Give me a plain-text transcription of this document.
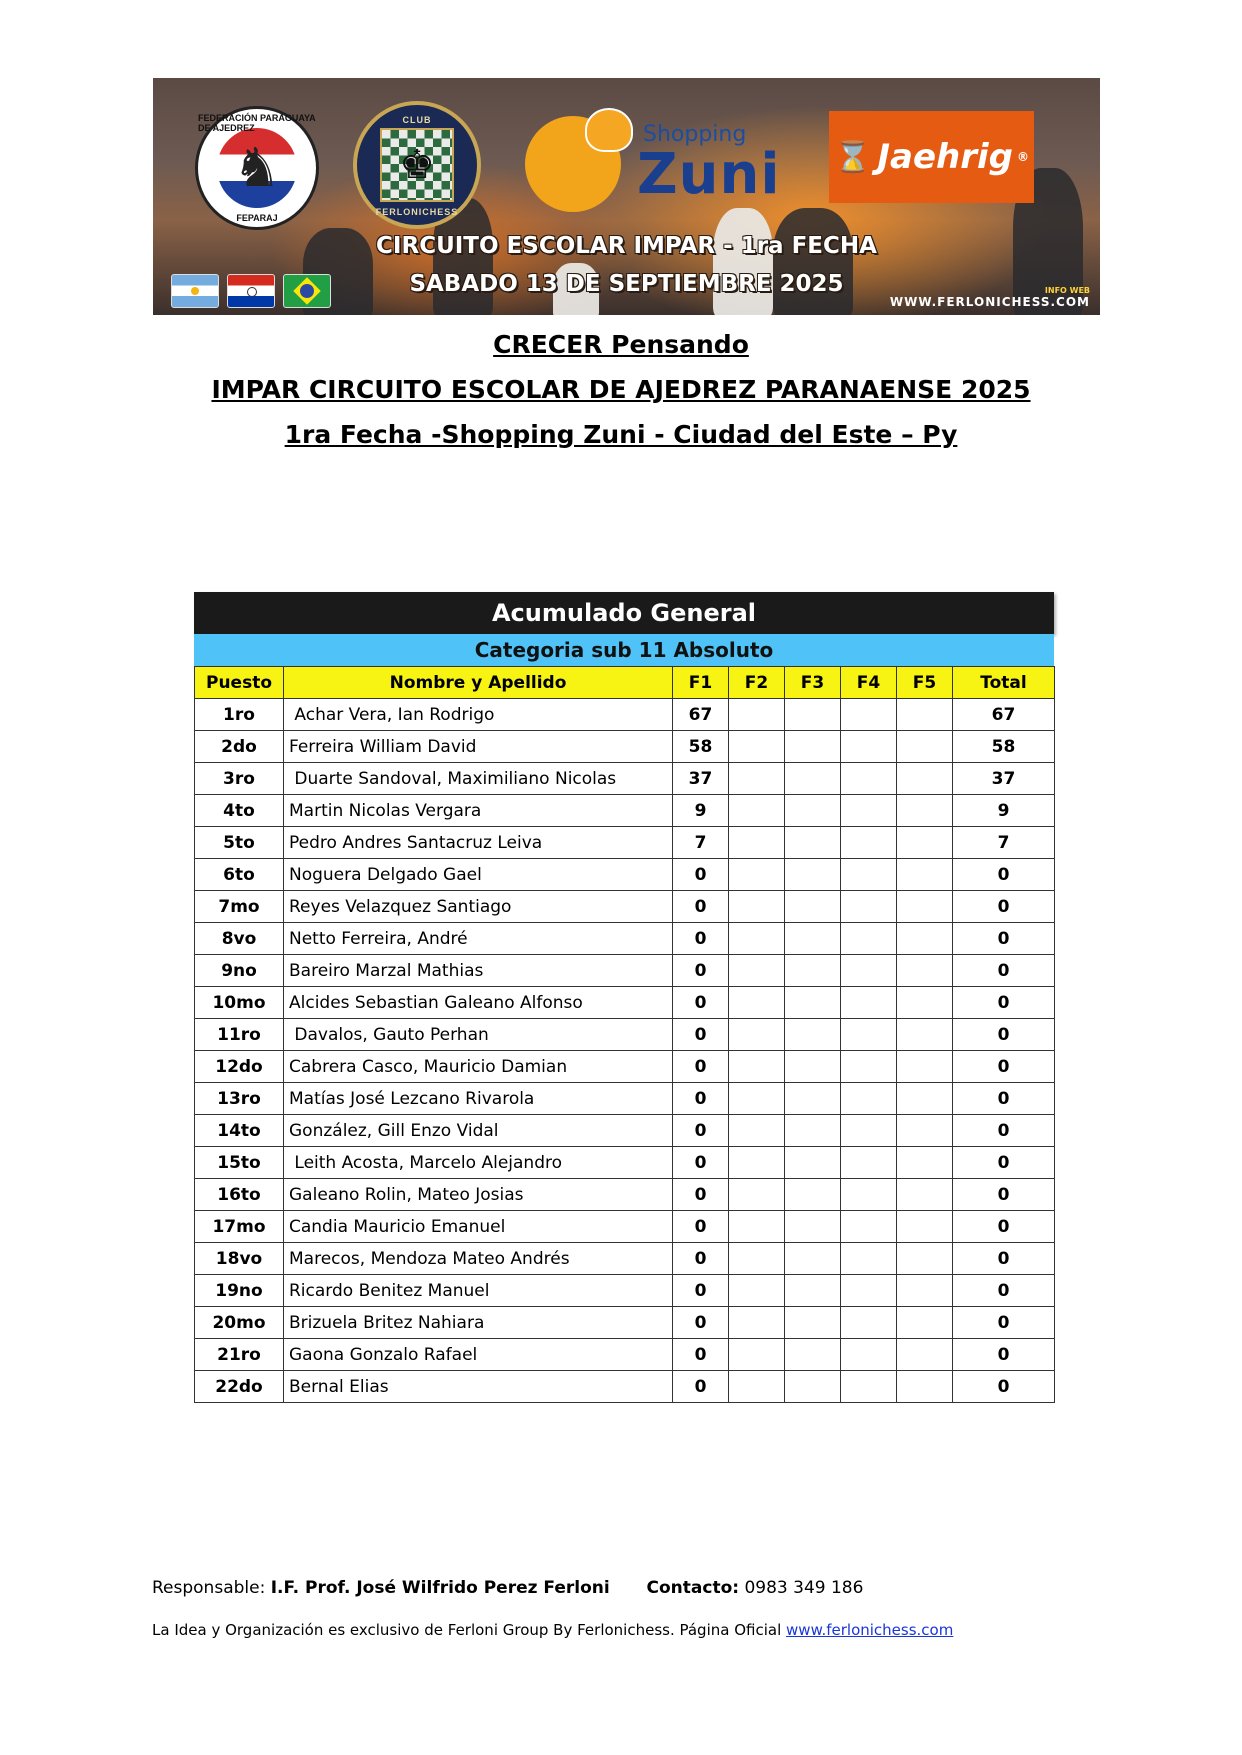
♞
FEDERACIÓN PARAGUAYA DE AJEDREZ
FEPARAJ
CLUB
♚
FERLONICHESS
Shopping
Zuni ⌛ Jaehrig ®
CIRCUITO ESCOLAR IMPAR - 1ra FECHA
SABADO 13 DE SEPTIEMBRE 2025	INFO WEB
WWW.FERLONICHESS.COM
CRECER Pensando
IMPAR CIRCUITO ESCOLAR DE AJEDREZ PARANAENSE 2025
1ra Fecha -Shopping Zuni - Ciudad del Este – Py
Acumulado General
Categoria sub 11 Absoluto
Puesto	Nombre y Apellido	F1	F2	F3	F4	F5	Total
1ro	Achar Vera, Ian Rodrigo	67					67
2do	Ferreira William David	58					58
3ro	Duarte Sandoval, Maximiliano Nicolas	37					37
4to	Martin Nicolas Vergara	9					9
5to	Pedro Andres Santacruz Leiva	7					7
6to	Noguera Delgado Gael	0					0
7mo	Reyes Velazquez Santiago	0					0
8vo	Netto Ferreira, André	0					0
9no	Bareiro Marzal Mathias	0					0
10mo	Alcides Sebastian Galeano Alfonso	0					0
11ro	Davalos, Gauto Perhan	0					0
12do	Cabrera Casco, Mauricio Damian	0					0
13ro	Matías José Lezcano Rivarola	0					0
14to	González, Gill Enzo Vidal	0					0
15to	Leith Acosta, Marcelo Alejandro	0					0
16to	Galeano Rolin, Mateo Josias	0					0
17mo	Candia Mauricio Emanuel	0					0
18vo	Marecos, Mendoza Mateo Andrés	0					0
19no	Ricardo Benitez Manuel	0					0
20mo	Brizuela Britez Nahiara	0					0
21ro	Gaona Gonzalo Rafael	0					0
22do	Bernal Elias	0					0
Responsable: I.F. Prof. José Wilfrido Perez Ferloni Contacto: 0983 349 186
La Idea y Organización es exclusivo de Ferloni Group By Ferlonichess. Página Oficial www.ferlonichess.com
